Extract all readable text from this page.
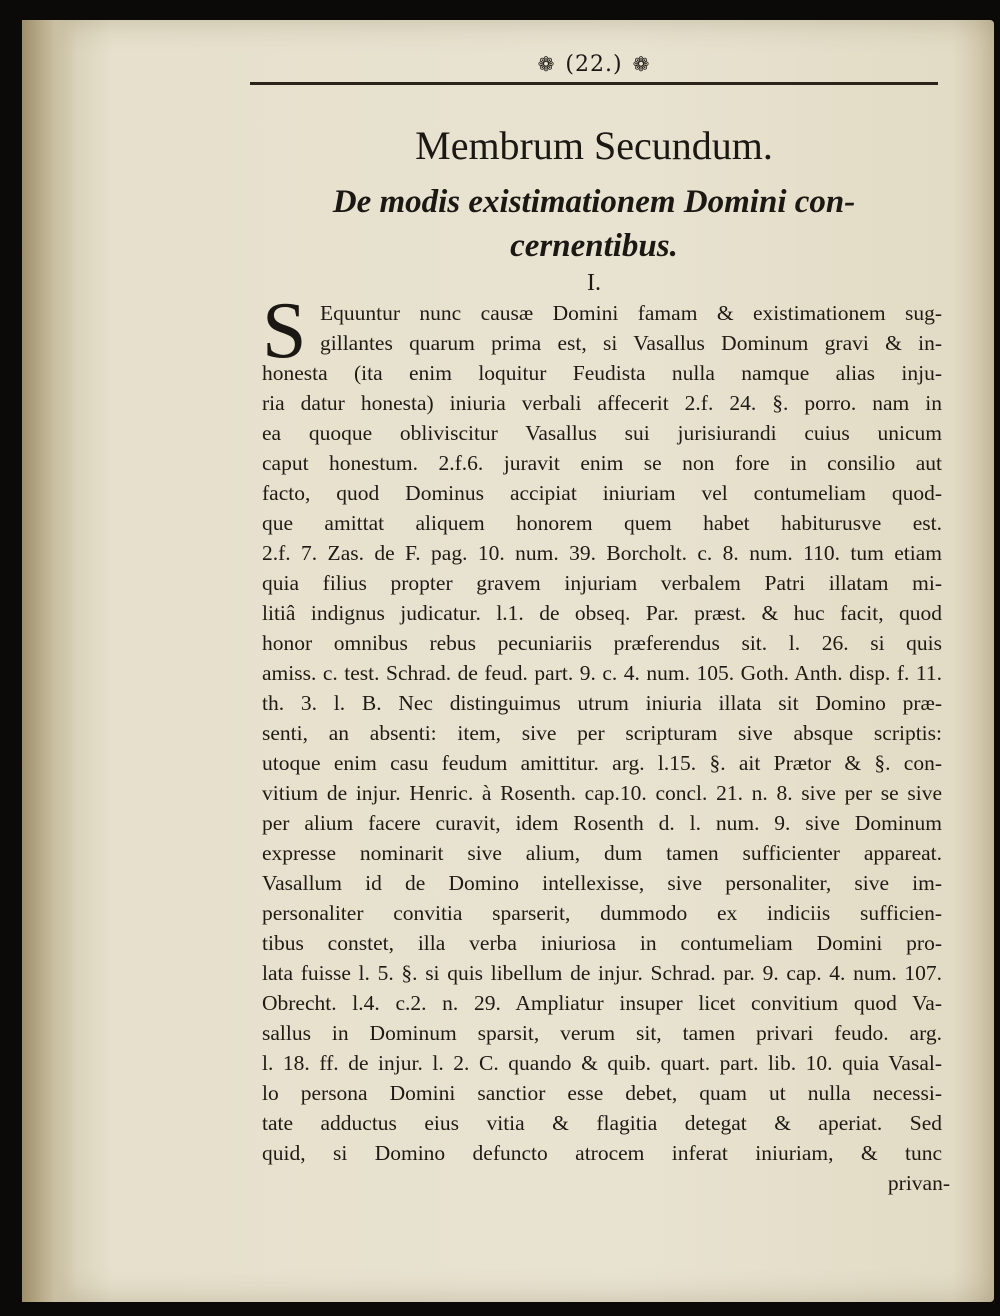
❁ (22.) ❁
Membrum Secundum.
De modis existimationem Domini con-
cernentibus.
I.
S Equuntur nunc causæ Domini famam & existimationem sug-
gillantes quarum prima est, si Vasallus Dominum gravi & in-
honesta (ita enim loquitur Feudista nulla namque alias inju-
ria datur honesta) iniuria verbali affecerit 2.f. 24. §. porro. nam in
ea quoque obliviscitur Vasallus sui jurisiurandi cuius unicum
caput honestum. 2.f.6. juravit enim se non fore in consilio aut
facto, quod Dominus accipiat iniuriam vel contumeliam quod-
que amittat aliquem honorem quem habet habiturusve est.
2.f. 7. Zas. de F. pag. 10. num. 39. Borcholt. c. 8. num. 110. tum etiam
quia filius propter gravem injuriam verbalem Patri illatam mi-
litiâ indignus judicatur. l.1. de obseq. Par. præst. & huc facit, quod
honor omnibus rebus pecuniariis præferendus sit. l. 26. si quis
amiss. c. test. Schrad. de feud. part. 9. c. 4. num. 105. Goth. Anth. disp. f. 11.
th. 3. l. B. Nec distinguimus utrum iniuria illata sit Domino præ-
senti, an absenti: item, sive per scripturam sive absque scriptis:
utoque enim casu feudum amittitur. arg. l.15. §. ait Prætor & §. con-
vitium de injur. Henric. à Rosenth. cap.10. concl. 21. n. 8. sive per se sive
per alium facere curavit, idem Rosenth d. l. num. 9. sive Dominum
expresse nominarit sive alium, dum tamen sufficienter appareat.
Vasallum id de Domino intellexisse, sive personaliter, sive im-
personaliter convitia sparserit, dummodo ex indiciis sufficien-
tibus constet, illa verba iniuriosa in contumeliam Domini pro-
lata fuisse l. 5. §. si quis libellum de injur. Schrad. par. 9. cap. 4. num. 107.
Obrecht. l.4. c.2. n. 29. Ampliatur insuper licet convitium quod Va-
sallus in Dominum sparsit, verum sit, tamen privari feudo. arg.
l. 18. ff. de injur. l. 2. C. quando & quib. quart. part. lib. 10. quia Vasal-
lo persona Domini sanctior esse debet, quam ut nulla necessi-
tate adductus eius vitia & flagitia detegat & aperiat. Sed
quid, si Domino defuncto atrocem inferat iniuriam, & tunc
privan-
